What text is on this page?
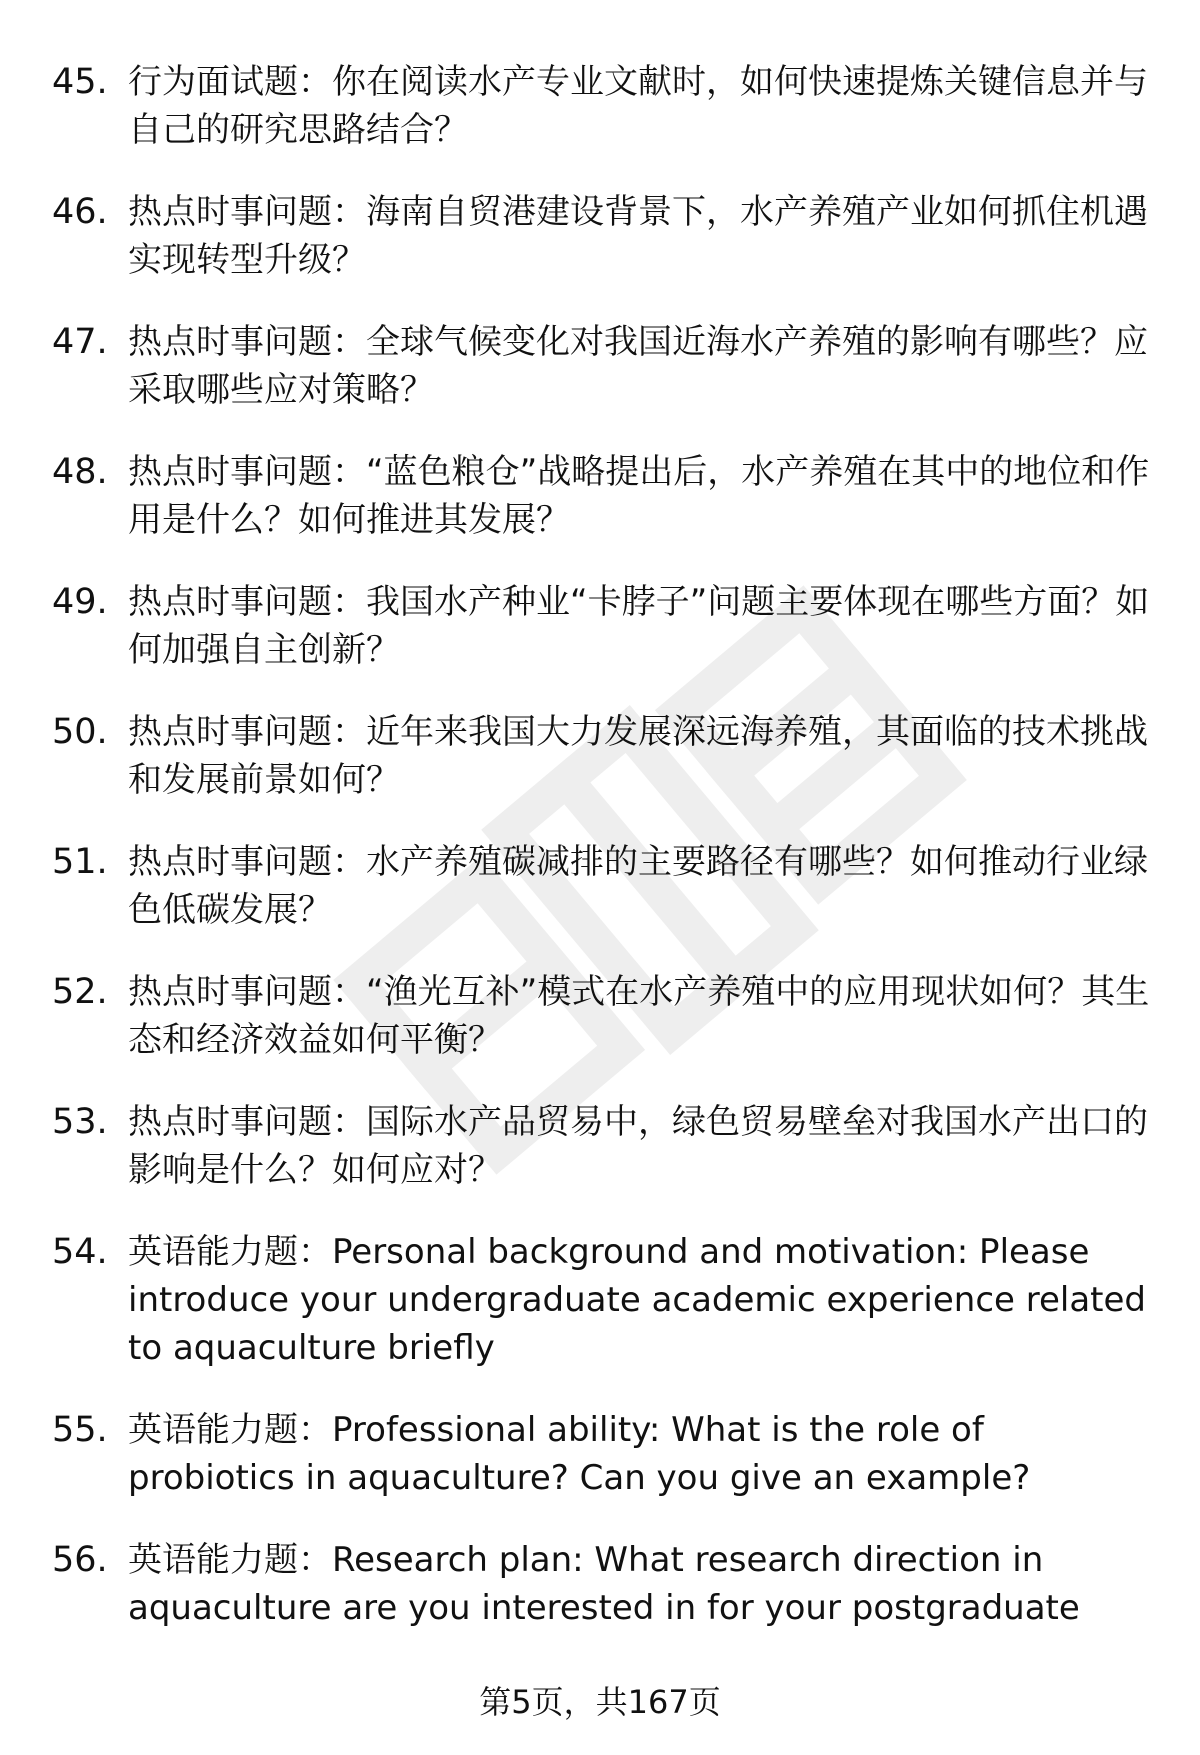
45. 行为面试题：你在阅读水产专业文献时，如何快速提炼关键信息并与自己的研究思路结合？
46. 热点时事问题：海南自贸港建设背景下，水产养殖产业如何抓住机遇实现转型升级？
47. 热点时事问题：全球气候变化对我国近海水产养殖的影响有哪些？应采取哪些应对策略？
48. 热点时事问题：“蓝色粮仓”战略提出后，水产养殖在其中的地位和作用是什么？如何推进其发展？
49. 热点时事问题：我国水产种业“卡脖子”问题主要体现在哪些方面？如何加强自主创新？
50. 热点时事问题：近年来我国大力发展深远海养殖，其面临的技术挑战和发展前景如何？
51. 热点时事问题：水产养殖碳减排的主要路径有哪些？如何推动行业绿色低碳发展？
52. 热点时事问题：“渔光互补”模式在水产养殖中的应用现状如何？其生态和经济效益如何平衡？
53. 热点时事问题：国际水产品贸易中，绿色贸易壁垒对我国水产出口的影响是什么？如何应对？
54. 英语能力题：Personal background and motivation: Please introduce your undergraduate academic experience related to aquaculture briefly
55. 英语能力题：Professional ability: What is the role of probiotics in aquaculture? Can you give an example?
56. 英语能力题：Research plan: What research direction in aquaculture are you interested in for your postgraduate
第5页，共167页
